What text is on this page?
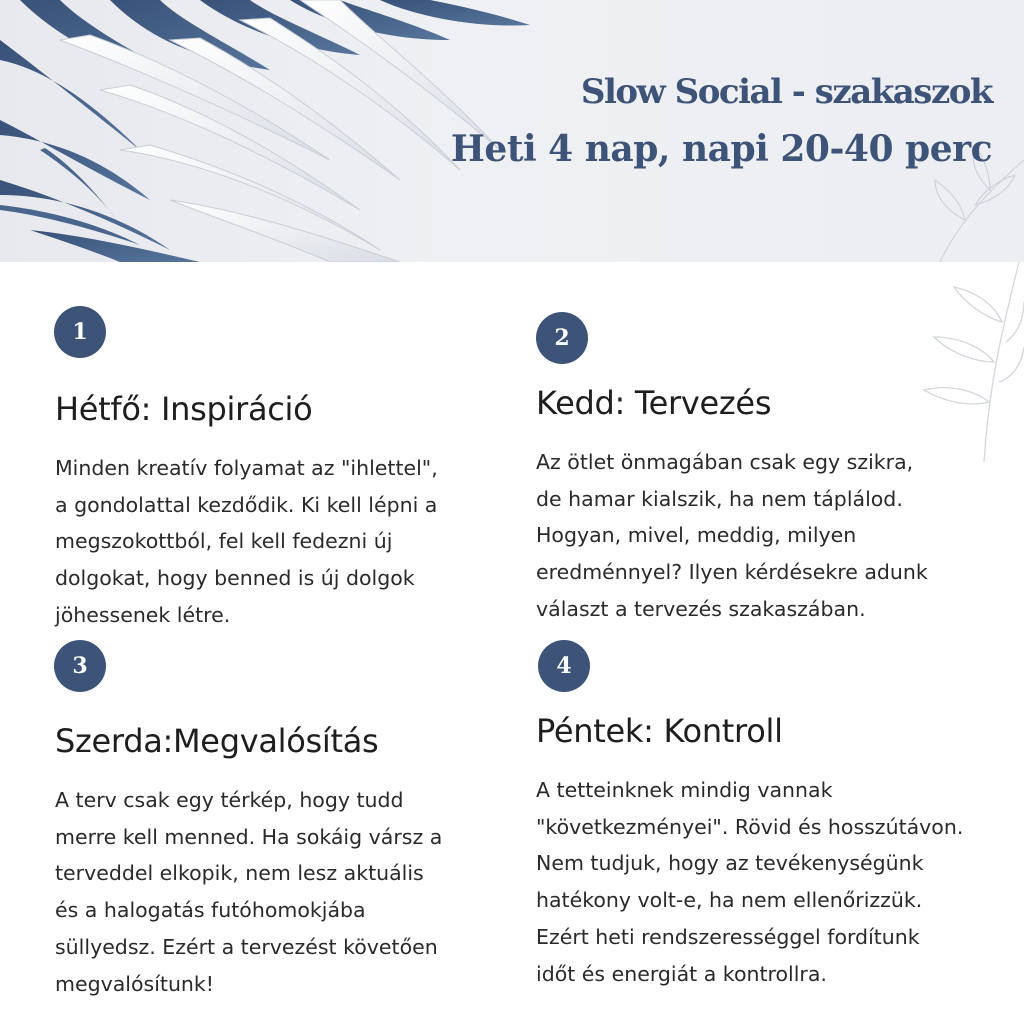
Slow Social - szakaszok
Heti 4 nap, napi 20-40 perc
1
Hétfő: Inspiráció

Minden kreatív folyamat az "ihlettel",
a gondolattal kezdődik. Ki kell lépni a
megszokottból, fel kell fedezni új
dolgokat, hogy benned is új dolgok
jöhessenek létre.

2
Kedd: Tervezés

Az ötlet önmagában csak egy szikra,
de hamar kialszik, ha nem táplálod.
Hogyan, mivel, meddig, milyen
eredménnyel? Ilyen kérdésekre adunk
választ a tervezés szakaszában.

3
Szerda:Megvalósítás

A terv csak egy térkép, hogy tudd
merre kell menned. Ha sokáig vársz a
terveddel elkopik, nem lesz aktuális
és a halogatás futóhomokjába
süllyedsz. Ezért a tervezést követően
megvalósítunk!

4
Péntek: Kontroll

A tetteinknek mindig vannak
"következményei". Rövid és hosszútávon.
Nem tudjuk, hogy az tevékenységünk
hatékony volt-e, ha nem ellenőrizzük.
Ezért heti rendszerességgel fordítunk
időt és energiát a kontrollra.
